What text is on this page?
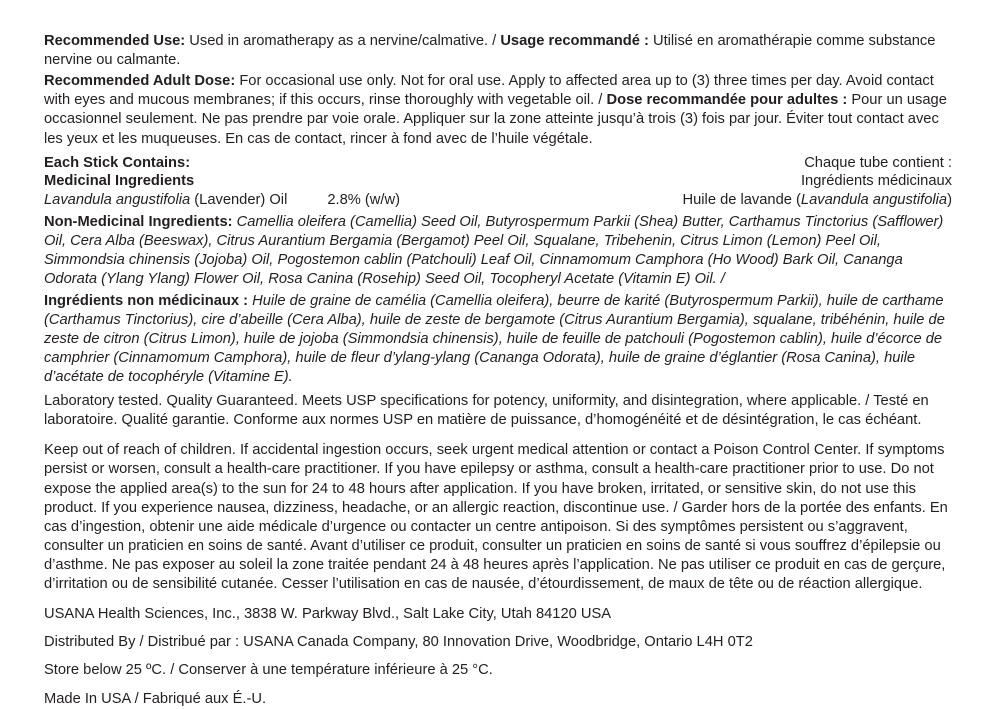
Recommended Use: Used in aromatherapy as a nervine/calmative. / Usage recommandé : Utilisé en aromathérapie comme substance nervine ou calmante.
Recommended Adult Dose: For occasional use only. Not for oral use. Apply to affected area up to (3) three times per day. Avoid contact with eyes and mucous membranes; if this occurs, rinse thoroughly with vegetable oil. / Dose recommandée pour adultes : Pour un usage occasionnel seulement. Ne pas prendre par voie orale. Appliquer sur la zone atteinte jusqu’à trois (3) fois par jour. Éviter tout contact avec les yeux et les muqueuses. En cas de contact, rincer à fond avec de l’huile végétale.
Each Stick Contains:	Chaque tube contient :
Medicinal Ingredients	Ingrédients médicinaux
Lavandula angustifolia (Lavender) Oil	2.8% (w/w)	Huile de lavande (Lavandula angustifolia)
Non-Medicinal Ingredients: Camellia oleifera (Camellia) Seed Oil, Butyrospermum Parkii (Shea) Butter, Carthamus Tinctorius (Safflower) Oil, Cera Alba (Beeswax), Citrus Aurantium Bergamia (Bergamot) Peel Oil, Squalane, Tribehenin, Citrus Limon (Lemon) Peel Oil, Simmondsia chinensis (Jojoba) Oil, Pogostemon cablin (Patchouli) Leaf Oil, Cinnamomum Camphora (Ho Wood) Bark Oil, Cananga Odorata (Ylang Ylang) Flower Oil, Rosa Canina (Rosehip) Seed Oil, Tocopheryl Acetate (Vitamin E) Oil. /
Ingrédients non médicinaux : Huile de graine de camélia (Camellia oleifera), beurre de karité (Butyrospermum Parkii), huile de carthame (Carthamus Tinctorius), cire d’abeille (Cera Alba), huile de zeste de bergamote (Citrus Aurantium Bergamia), squalane, tribéhénin, huile de zeste de citron (Citrus Limon), huile de jojoba (Simmondsia chinensis), huile de feuille de patchouli (Pogostemon cablin), huile d’écorce de camphrier (Cinnamomum Camphora), huile de fleur d’ylang-ylang (Cananga Odorata), huile de graine d’églantier (Rosa Canina), huile d’acétate de tocophéryle (Vitamine E).
Laboratory tested. Quality Guaranteed. Meets USP specifications for potency, uniformity, and disintegration, where applicable. / Testé en laboratoire. Qualité garantie. Conforme aux normes USP en matière de puissance, d’homogénéité et de désintégration, le cas échéant.
Keep out of reach of children. If accidental ingestion occurs, seek urgent medical attention or contact a Poison Control Center. If symptoms persist or worsen, consult a health-care practitioner. If you have epilepsy or asthma, consult a health-care practitioner prior to use. Do not expose the applied area(s) to the sun for 24 to 48 hours after application. If you have broken, irritated, or sensitive skin, do not use this product. If you experience nausea, dizziness, headache, or an allergic reaction, discontinue use. / Garder hors de la portée des enfants. En cas d’ingestion, obtenir une aide médicale d’urgence ou contacter un centre antipoison. Si des symptômes persistent ou s’aggravent, consulter un praticien en soins de santé. Avant d’utiliser ce produit, consulter un praticien en soins de santé si vous souffrez d’épilepsie ou d’asthme. Ne pas exposer au soleil la zone traitée pendant 24 à 48 heures après l’application. Ne pas utiliser ce produit en cas de gerçure, d’irritation ou de sensibilité cutanée. Cesser l’utilisation en cas de nausée, d’étourdissement, de maux de tête ou de réaction allergique.
USANA Health Sciences, Inc., 3838 W. Parkway Blvd., Salt Lake City, Utah 84120 USA
Distributed By / Distribué par : USANA Canada Company, 80 Innovation Drive, Woodbridge, Ontario L4H 0T2
Store below 25 ºC. / Conserver à une température inférieure à 25 °C.
Made In USA / Fabriqué aux É.-U.
